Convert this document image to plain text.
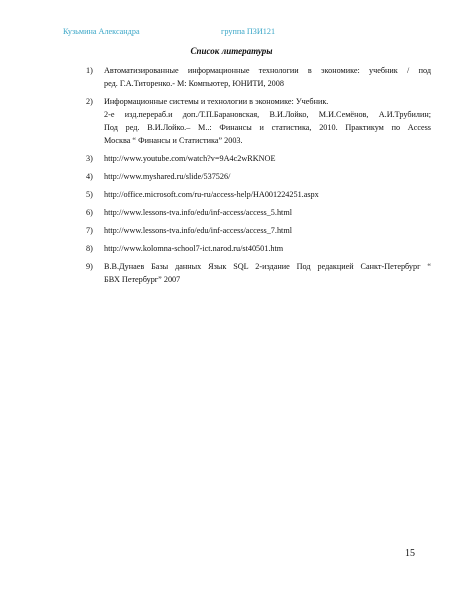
Кузьмина Александра	группа ПЗИ121
Список литературы
1) Автоматизированные информационные технологии в экономике: учебник / под
ред. Г.А.Титоренко.- М: Компьютер, ЮНИТИ, 2008
2) Информационные системы и технологии в экономике: Учебник.
2-е изд.перераб.и доп./Т.П.Барановская, В.И.Лойко, М.И.Семёнов, А.И.Трубилин;
Под ред. В.И.Лойко.– М..: Финансы и статистика, 2010. Практикум по Access
Москва “ Финансы и Статистика” 2003.
3) http://www.youtube.com/watch?v=9A4c2wRKNOE
4) http://www.myshared.ru/slide/537526/
5) http://office.microsoft.com/ru-ru/access-help/HA001224251.aspx
6) http://www.lessons-tva.info/edu/inf-access/access_5.html
7) http://www.lessons-tva.info/edu/inf-access/access_7.html
8) http://www.kolomna-school7-ict.narod.ru/st40501.htm
9) В.В.Дунаев Базы данных Язык SQL 2-издание Под редакцией Санкт-Петербург “
БВХ Петербург” 2007
15
